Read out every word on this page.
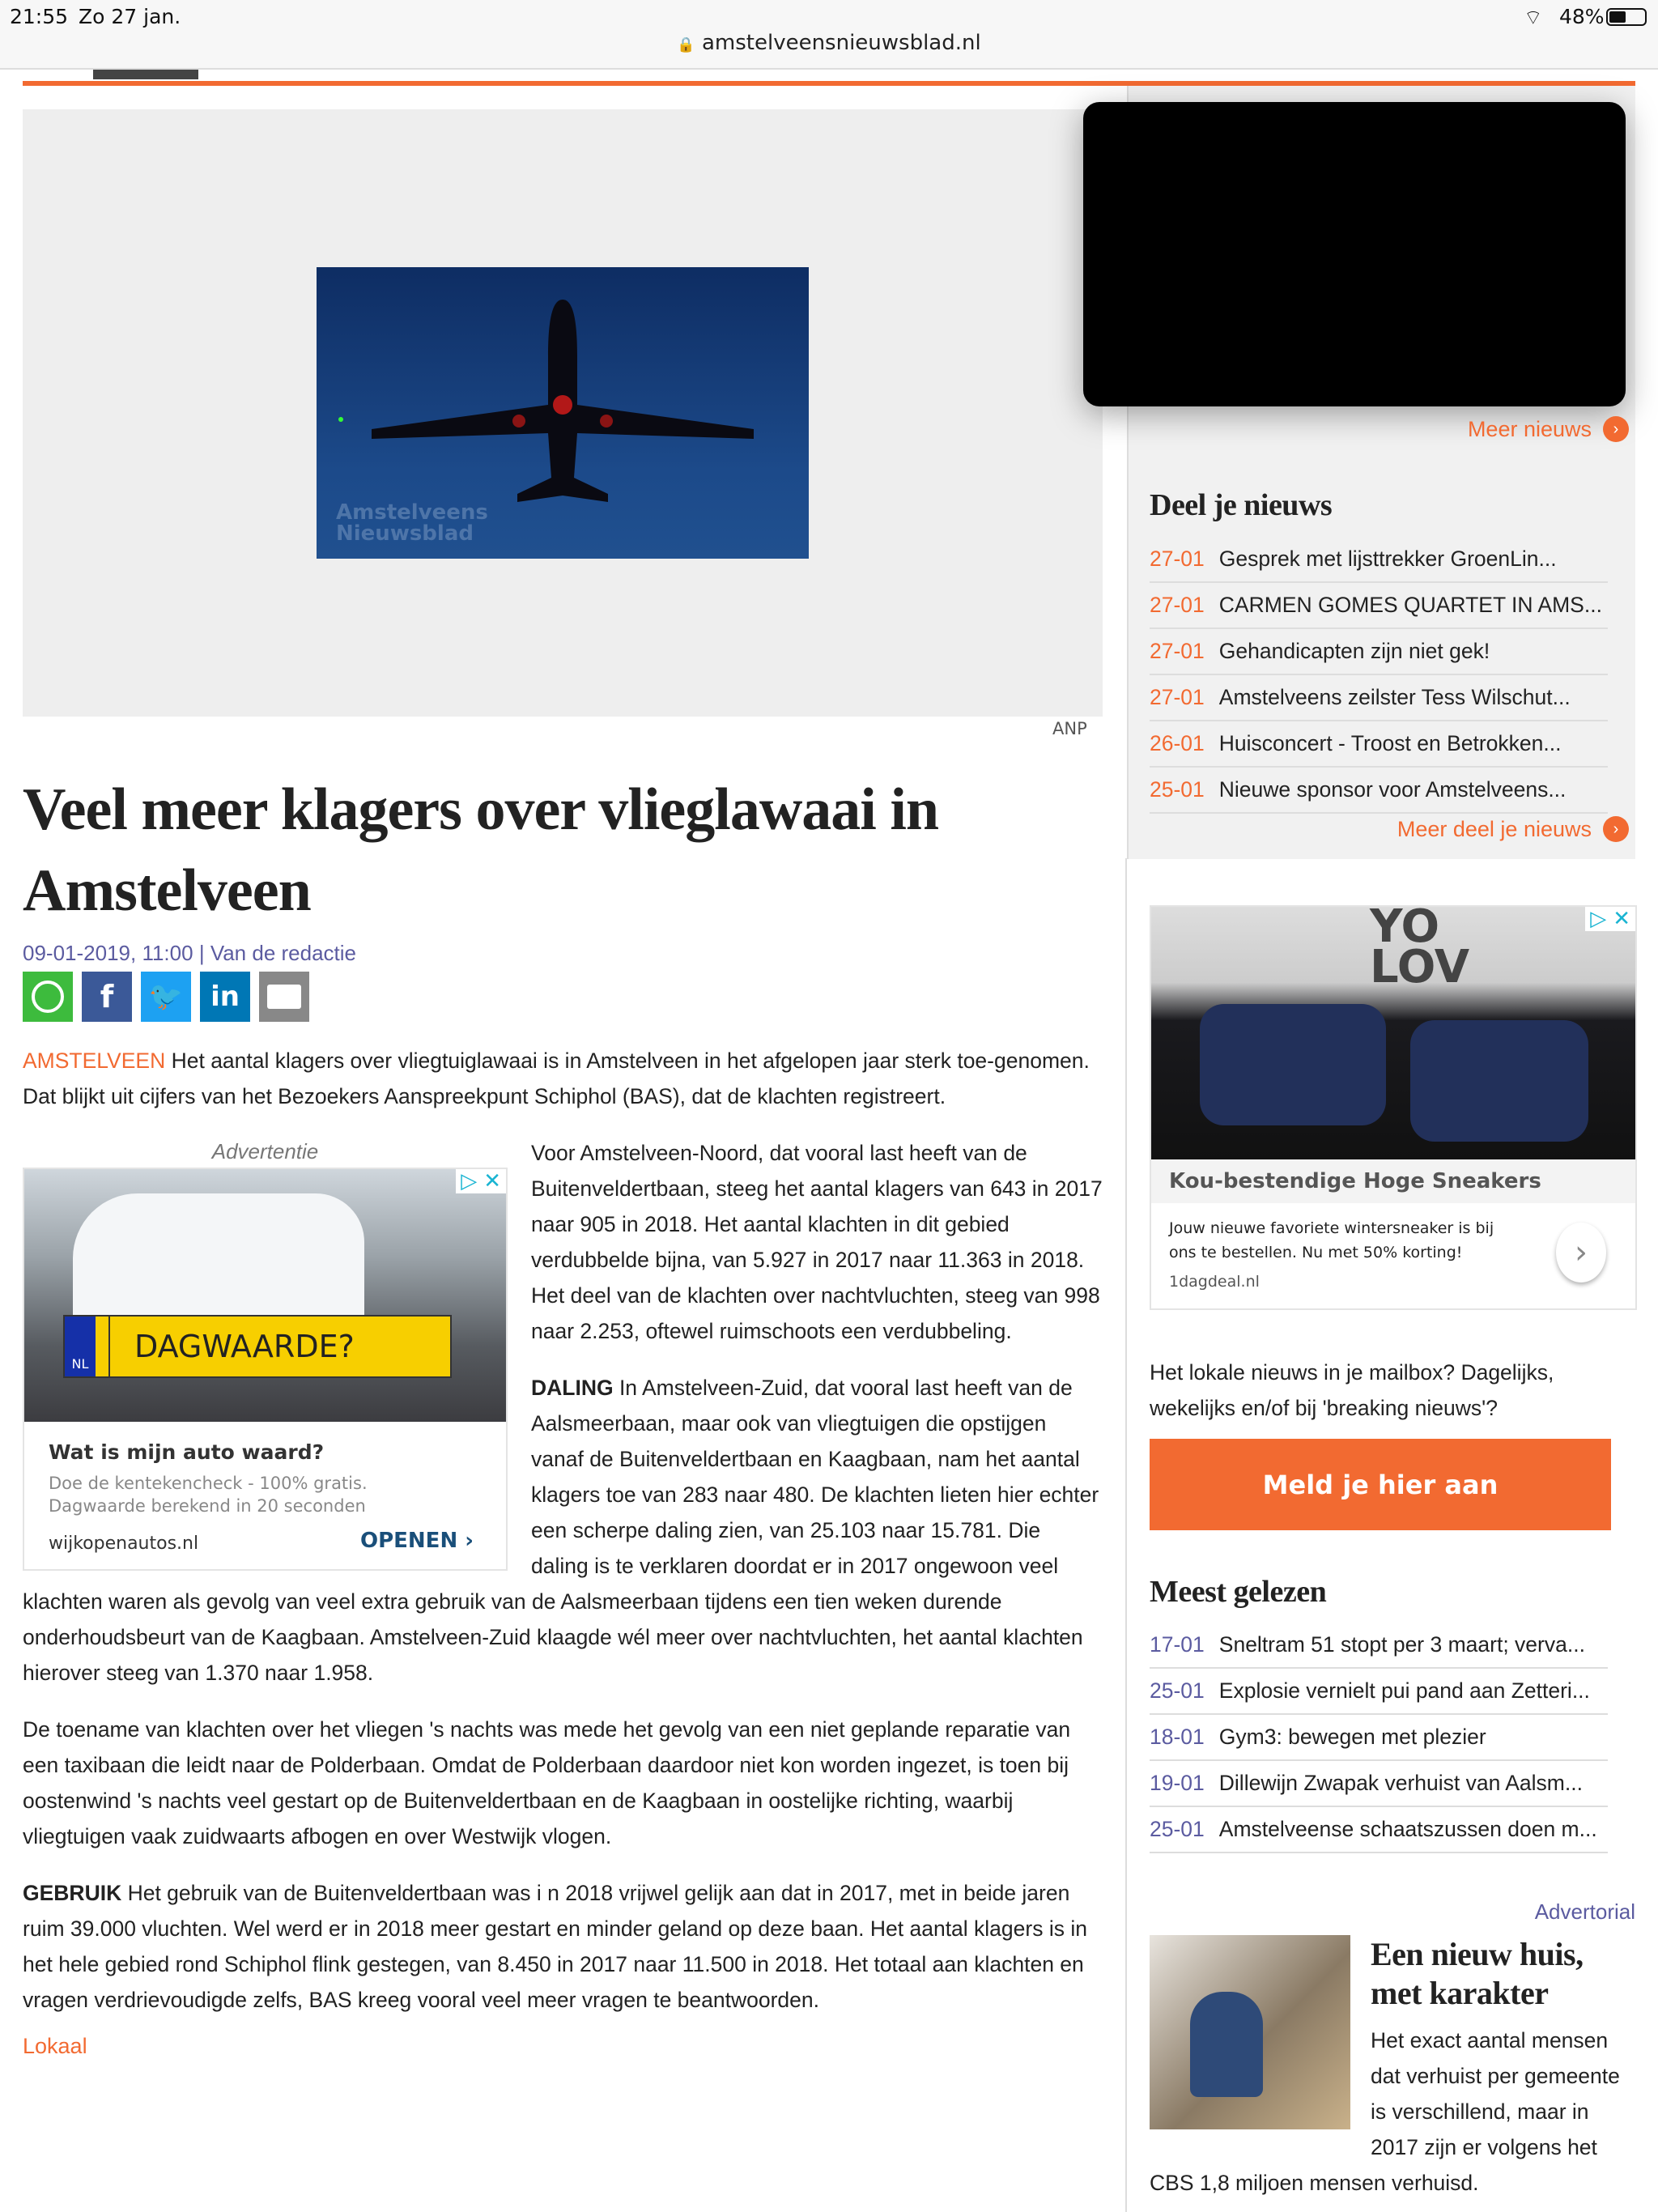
21:55 Zo 27 jan.
🔒 amstelveensnieuwsblad.nl
⌔ 48%
Amstelveens
Nieuwsblad
ANP
Veel meer klagers over vlieglawaai in Amstelveen
09-01-2019, 11:00 | Van de redactie
f 🐦 in

AMSTELVEEN Het aantal klagers over vliegtuiglawaai is in Amstelveen in het afgelopen jaar sterk toe-genomen. Dat blijkt uit cijfers van het Bezoekers Aanspreekpunt Schiphol (BAS), dat de klachten registreert.

Advertentie
NL	DAGWAARDE?
▷ ✕
Wat is mijn auto waard?
Doe de kentekencheck - 100% gratis. Dagwaarde berekend in 20 seconden
wijkopenautos.nl	OPENEN ›

Voor Amstelveen-Noord, dat vooral last heeft van de Buitenveldertbaan, steeg het aantal klagers van 643 in 2017 naar 905 in 2018. Het aantal klachten in dit gebied verdubbelde bijna, van 5.927 in 2017 naar 11.363 in 2018. Het deel van de klachten over nachtvluchten, steeg van 998 naar 2.253, oftewel ruimschoots een verdubbeling.

DALING In Amstelveen-Zuid, dat vooral last heeft van de Aalsmeerbaan, maar ook van vliegtuigen die opstijgen vanaf de Buitenveldertbaan en Kaagbaan, nam het aantal klagers toe van 283 naar 480. De klachten lieten hier echter een scherpe daling zien, van 25.103 naar 15.781. Die daling is te verklaren doordat er in 2017 ongewoon veel klachten waren als gevolg van veel extra gebruik van de Aalsmeerbaan tijdens een tien weken durende onderhoudsbeurt van de Kaagbaan. Amstelveen-Zuid klaagde wél meer over nachtvluchten, het aantal klachten hierover steeg van 1.370 naar 1.958.

De toename van klachten over het vliegen 's nachts was mede het gevolg van een niet geplande reparatie van een taxibaan die leidt naar de Polderbaan. Omdat de Polderbaan daardoor niet kon worden ingezet, is toen bij oostenwind 's nachts veel gestart op de Buitenveldertbaan en de Kaagbaan in oostelijke richting, waarbij vliegtuigen vaak zuidwaarts afbogen en over Westwijk vlogen.

GEBRUIK Het gebruik van de Buitenveldertbaan was i n 2018 vrijwel gelijk aan dat in 2017, met in beide jaren ruim 39.000 vluchten. Wel werd er in 2018 meer gestart en minder geland op deze baan. Het aantal klagers is in het hele gebied rond Schiphol flink gestegen, van 8.450 in 2017 naar 11.500 in 2018. Het totaal aan klachten en vragen verdrievoudigde zelfs, BAS kreeg vooral veel meer vragen te beantwoorden.

Lokaal
Meer nieuws	›
Deel je nieuws
27-01 Gesprek met lijsttrekker GroenLin...
27-01 CARMEN GOMES QUARTET IN AMS...
27-01 Gehandicapten zijn niet gek!
27-01 Amstelveens zeilster Tess Wilschut...
26-01 Huisconcert - Troost en Betrokken...
25-01 Nieuwe sponsor voor Amstelveens...
Meer deel je nieuws	›
YO LOV
▷ ✕
Kou-bestendige Hoge Sneakers
Jouw nieuwe favoriete wintersneaker is bij ons te bestellen. Nu met 50% korting!
1dagdeal.nl
›

Het lokale nieuws in je mailbox? Dagelijks, wekelijks en/of bij 'breaking nieuws'?

Meld je hier aan
Meest gelezen
17-01 Sneltram 51 stopt per 3 maart; verva...
25-01 Explosie vernielt pui pand aan Zetteri...
18-01 Gym3: bewegen met plezier
19-01 Dillewijn Zwapak verhuist van Aalsm...
25-01 Amstelveense schaatszussen doen m...
Advertorial
Een nieuw huis, met karakter

Het exact aantal mensen dat verhuist per gemeente is verschillend, maar in 2017 zijn er volgens het CBS 1,8 miljoen mensen verhuisd.
